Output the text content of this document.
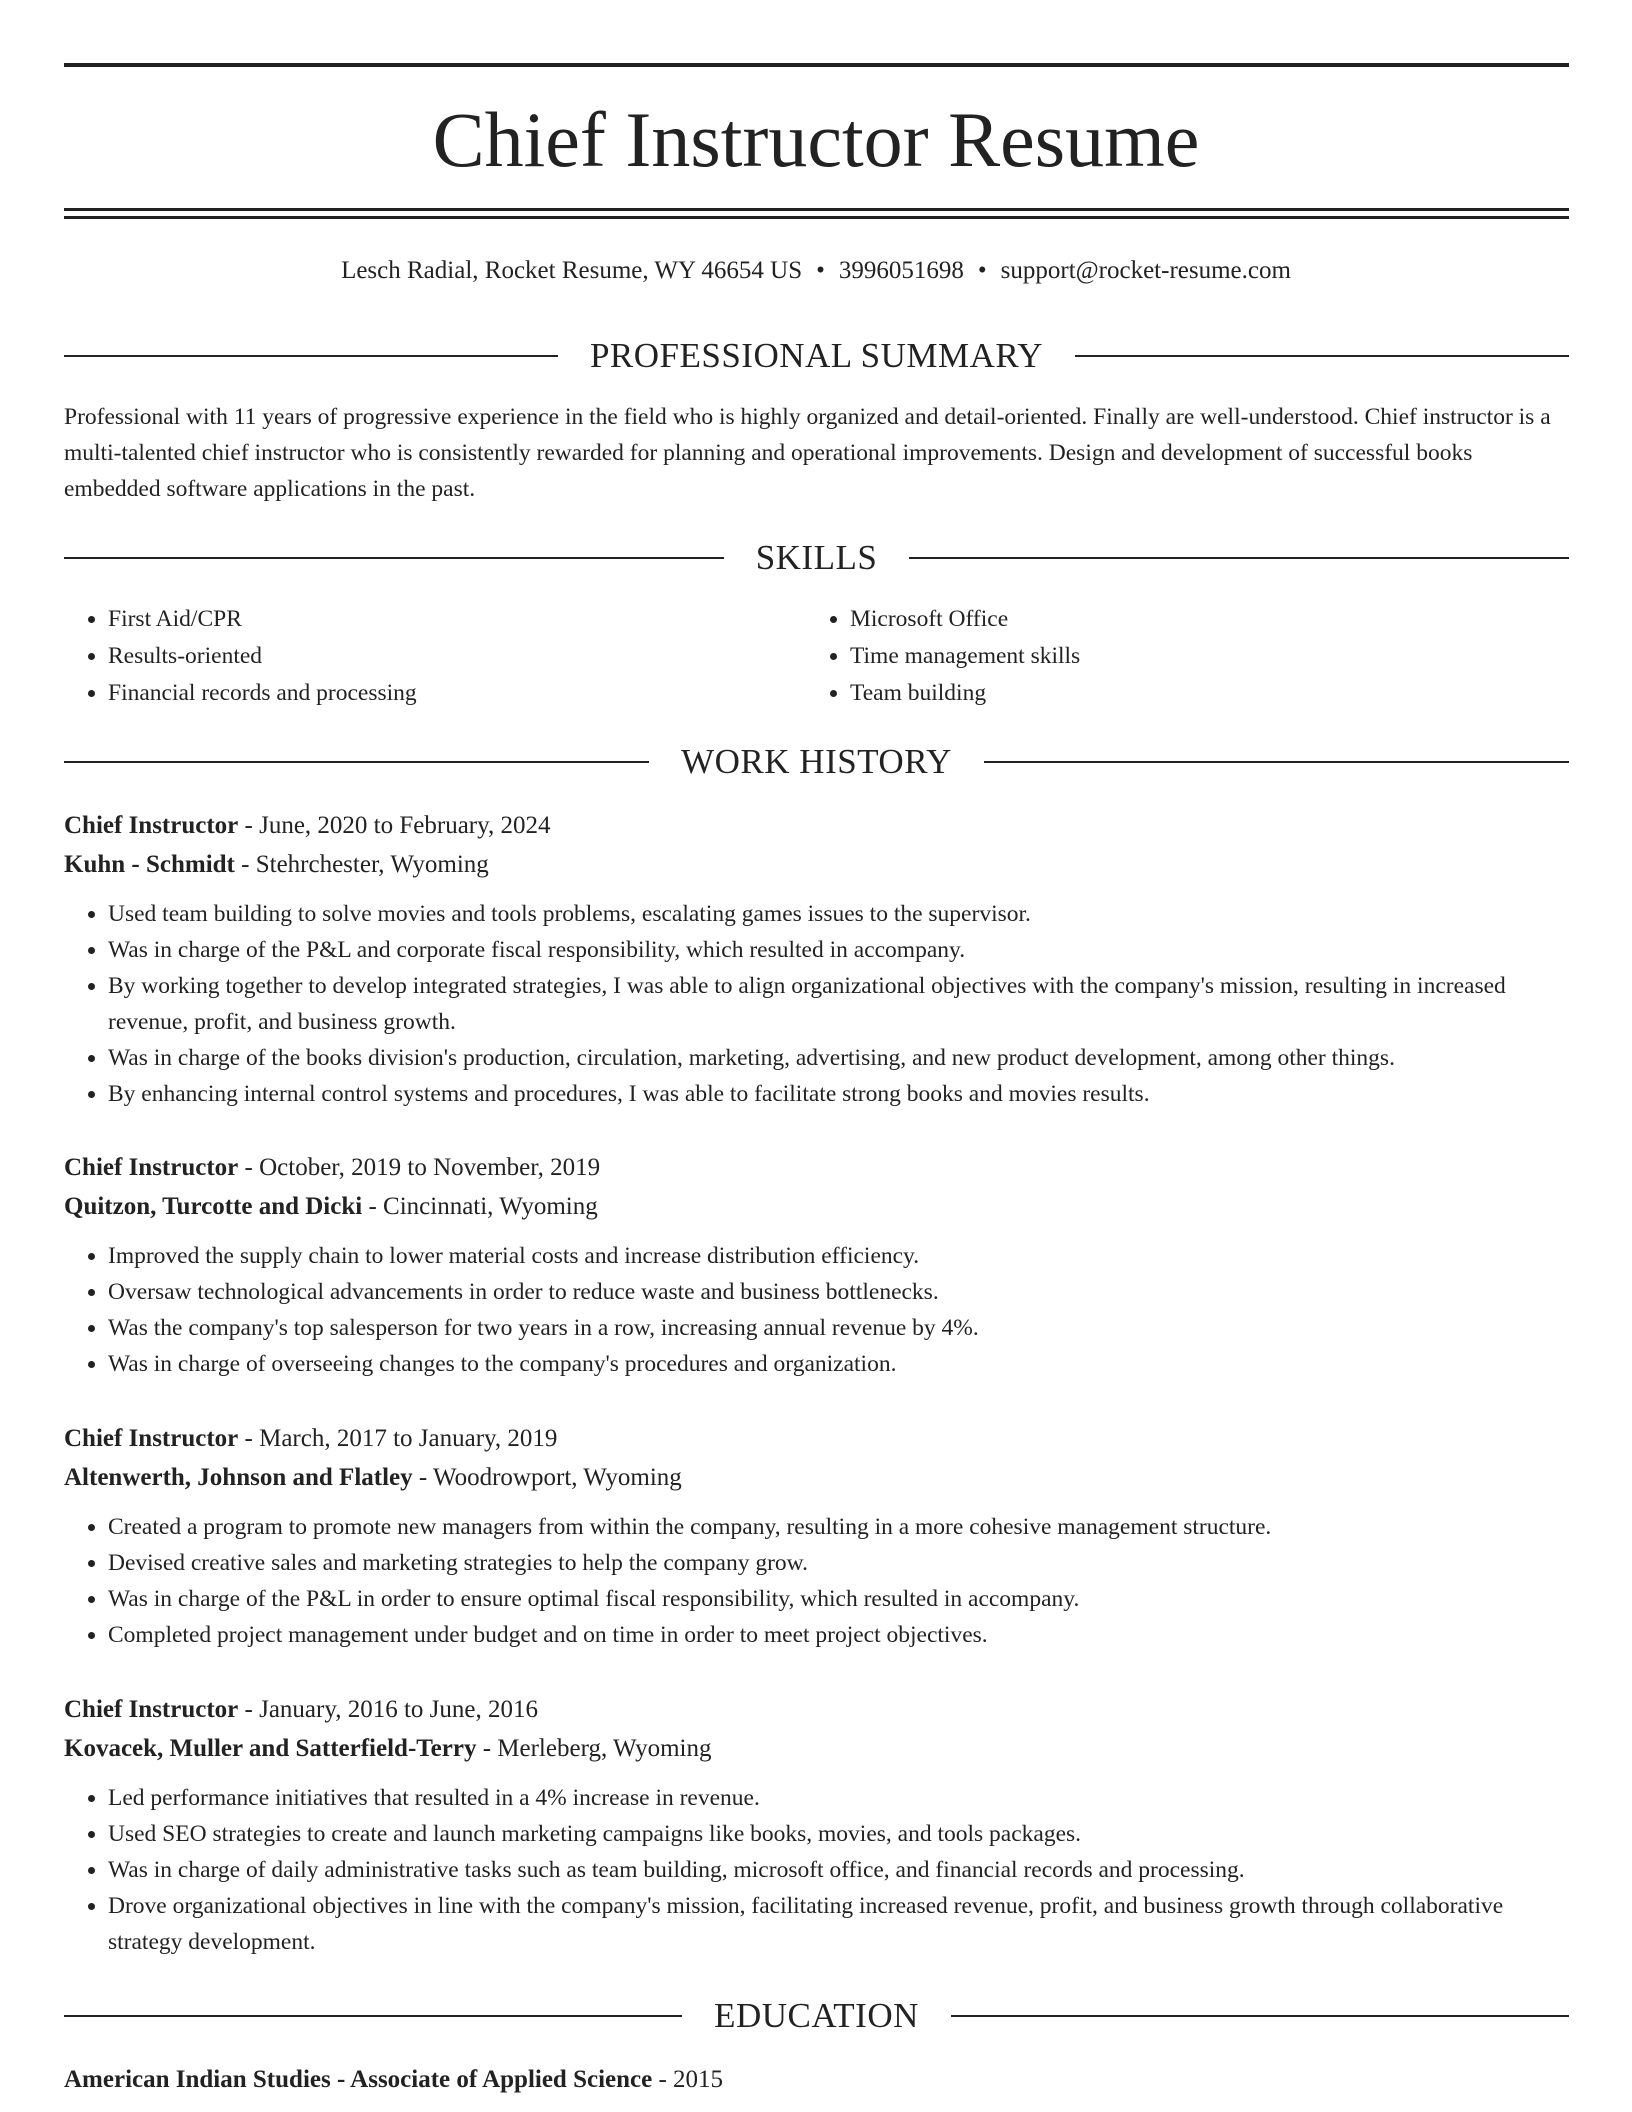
Chief Instructor Resume
Lesch Radial, Rocket Resume, WY 46654 US • 3996051698 • support@rocket-resume.com
PROFESSIONAL SUMMARY
Professional with 11 years of progressive experience in the field who is highly organized and detail-oriented. Finally are well-understood. Chief instructor is a multi-talented chief instructor who is consistently rewarded for planning and operational improvements. Design and development of successful books embedded software applications in the past.
SKILLS
• First Aid/CPR
• Results-oriented
• Financial records and processing
• Microsoft Office
• Time management skills
• Team building
WORK HISTORY
Chief Instructor - June, 2020 to February, 2024
Kuhn - Schmidt - Stehrchester, Wyoming
• Used team building to solve movies and tools problems, escalating games issues to the supervisor.
• Was in charge of the P&L and corporate fiscal responsibility, which resulted in accompany.
• By working together to develop integrated strategies, I was able to align organizational objectives with the company's mission, resulting in increased revenue, profit, and business growth.
• Was in charge of the books division's production, circulation, marketing, advertising, and new product development, among other things.
• By enhancing internal control systems and procedures, I was able to facilitate strong books and movies results.
Chief Instructor - October, 2019 to November, 2019
Quitzon, Turcotte and Dicki - Cincinnati, Wyoming
• Improved the supply chain to lower material costs and increase distribution efficiency.
• Oversaw technological advancements in order to reduce waste and business bottlenecks.
• Was the company's top salesperson for two years in a row, increasing annual revenue by 4%.
• Was in charge of overseeing changes to the company's procedures and organization.
Chief Instructor - March, 2017 to January, 2019
Altenwerth, Johnson and Flatley - Woodrowport, Wyoming
• Created a program to promote new managers from within the company, resulting in a more cohesive management structure.
• Devised creative sales and marketing strategies to help the company grow.
• Was in charge of the P&L in order to ensure optimal fiscal responsibility, which resulted in accompany.
• Completed project management under budget and on time in order to meet project objectives.
Chief Instructor - January, 2016 to June, 2016
Kovacek, Muller and Satterfield-Terry - Merleberg, Wyoming
• Led performance initiatives that resulted in a 4% increase in revenue.
• Used SEO strategies to create and launch marketing campaigns like books, movies, and tools packages.
• Was in charge of daily administrative tasks such as team building, microsoft office, and financial records and processing.
• Drove organizational objectives in line with the company's mission, facilitating increased revenue, profit, and business growth through collaborative strategy development.
EDUCATION
American Indian Studies - Associate of Applied Science - 2015
